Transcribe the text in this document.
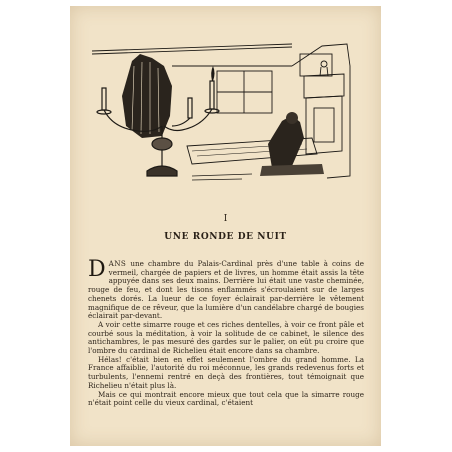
I
UNE RONDE DE NUIT

DANS une chambre du Palais-Cardinal près d'une table à coins de vermeil, chargée de papiers et de livres, un homme était assis la tête appuyée dans ses deux mains. Derrière lui était une vaste cheminée, rouge de feu, et dont les tisons enflammés s'écroulaient sur de larges chenets dorés. La lueur de ce foyer éclairait par-derrière le vêtement magnifique de ce rêveur, que la lumière d'un candélabre chargé de bougies éclairait par-devant.

A voir cette simarre rouge et ces riches dentelles, à voir ce front pâle et courbé sous la méditation, à voir la solitude de ce cabinet, le silence des antichambres, le pas mesuré des gardes sur le palier, on eût pu croire que l'ombre du cardinal de Richelieu était encore dans sa chambre.

Hélas! c'était bien en effet seulement l'ombre du grand homme. La France affaiblie, l'autorité du roi méconnue, les grands redevenus forts et turbulents, l'ennemi rentré en deçà des frontières, tout témoignait que Richelieu n'était plus là.

Mais ce qui montrait encore mieux que tout cela que la simarre rouge n'était point celle du vieux cardinal, c'étaient
